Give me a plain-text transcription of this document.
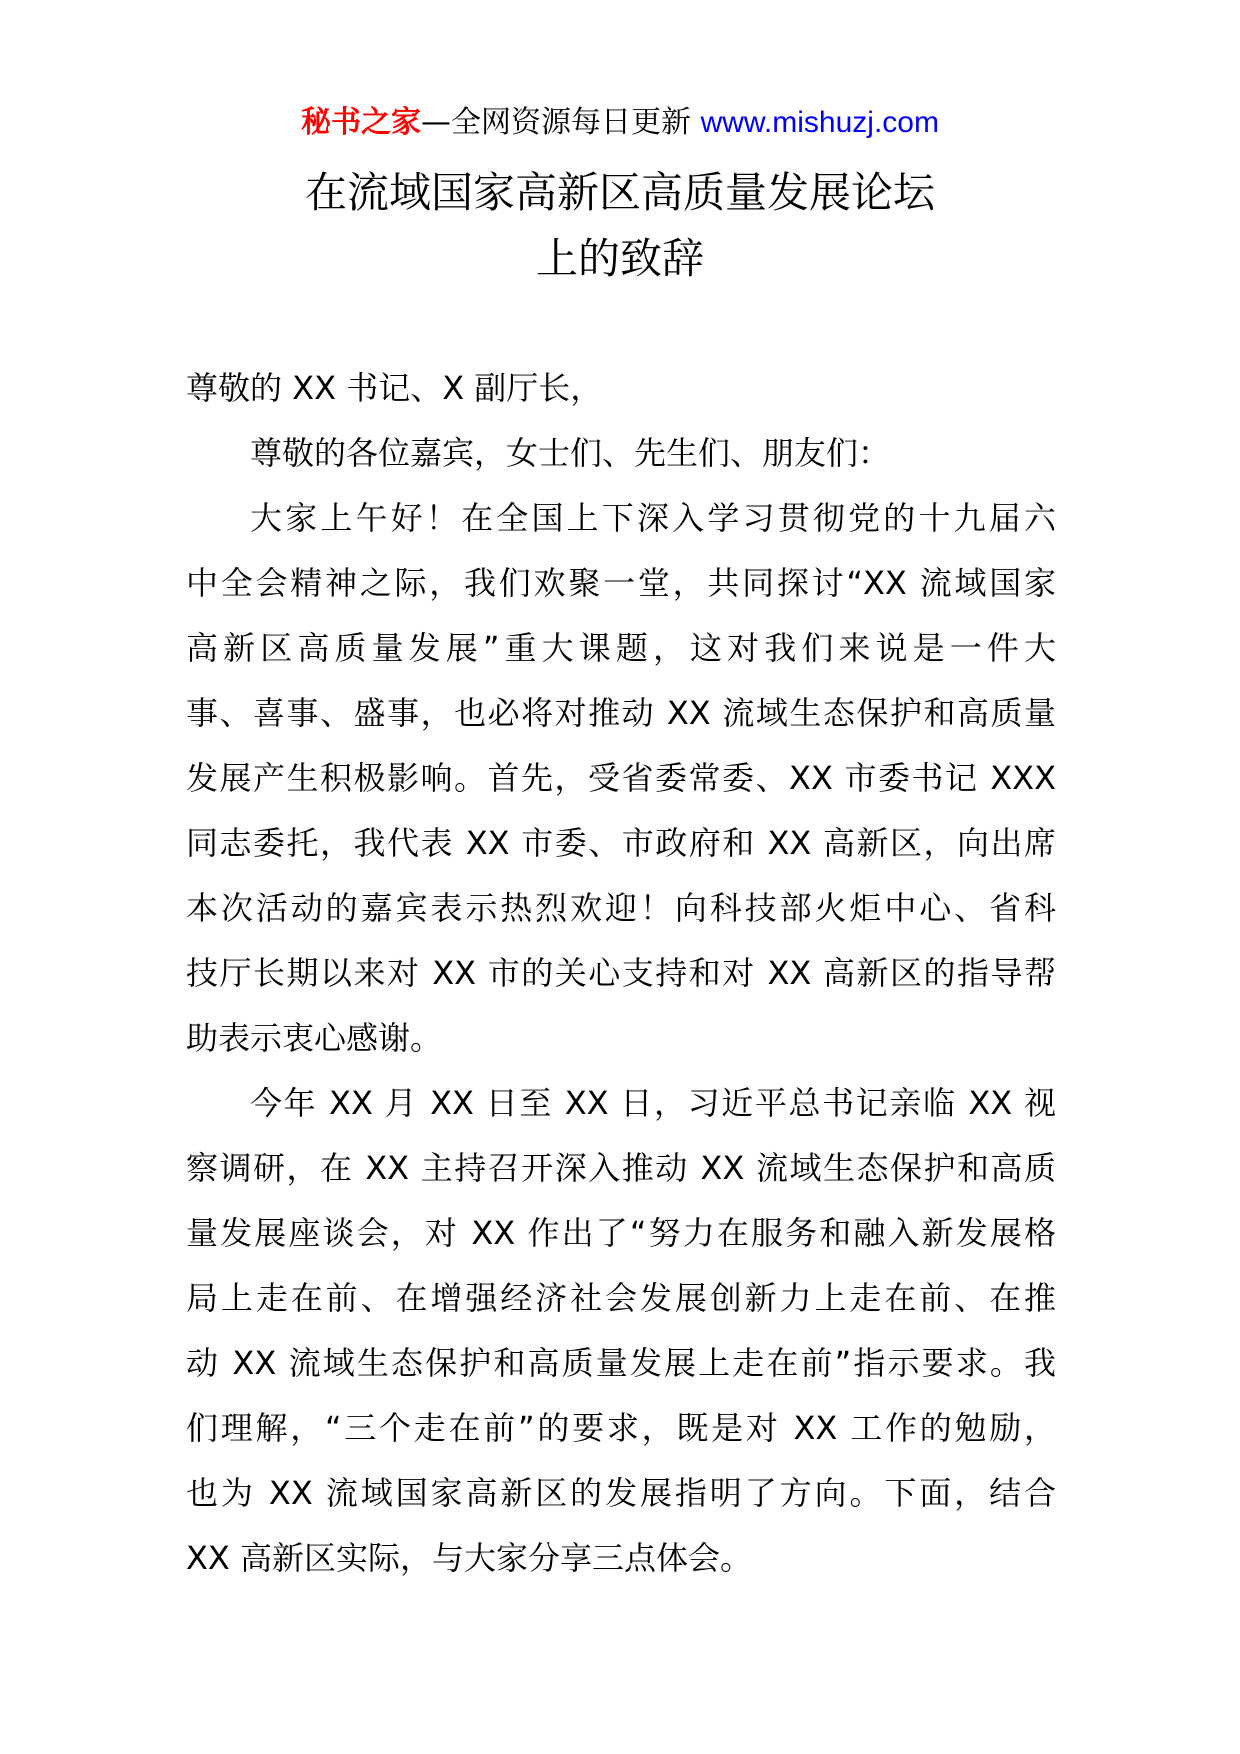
秘书之家—全网资源每日更新 www.mishuzj.com
在流域国家高新区高质量发展论坛
上的致辞
尊敬的 XX 书记、X 副厅长，
尊敬的各位嘉宾，女士们、先生们、朋友们：
大家上午好！在全国上下深入学习贯彻党的十九届六
中全会精神之际，我们欢聚一堂，共同探讨“XX 流域国家
高新区高质量发展”重大课题，这对我们来说是一件大
事、喜事、盛事，也必将对推动 XX 流域生态保护和高质量
发展产生积极影响。首先，受省委常委、XX 市委书记 XXX
同志委托，我代表 XX 市委、市政府和 XX 高新区，向出席
本次活动的嘉宾表示热烈欢迎！向科技部火炬中心、省科
技厅长期以来对 XX 市的关心支持和对 XX 高新区的指导帮
助表示衷心感谢。
今年 XX 月 XX 日至 XX 日，习近平总书记亲临 XX 视
察调研，在 XX 主持召开深入推动 XX 流域生态保护和高质
量发展座谈会，对 XX 作出了“努力在服务和融入新发展格
局上走在前、在增强经济社会发展创新力上走在前、在推
动 XX 流域生态保护和高质量发展上走在前”指示要求。我
们理解，“三个走在前”的要求，既是对 XX 工作的勉励，
也为 XX 流域国家高新区的发展指明了方向。下面，结合
XX 高新区实际，与大家分享三点体会。
